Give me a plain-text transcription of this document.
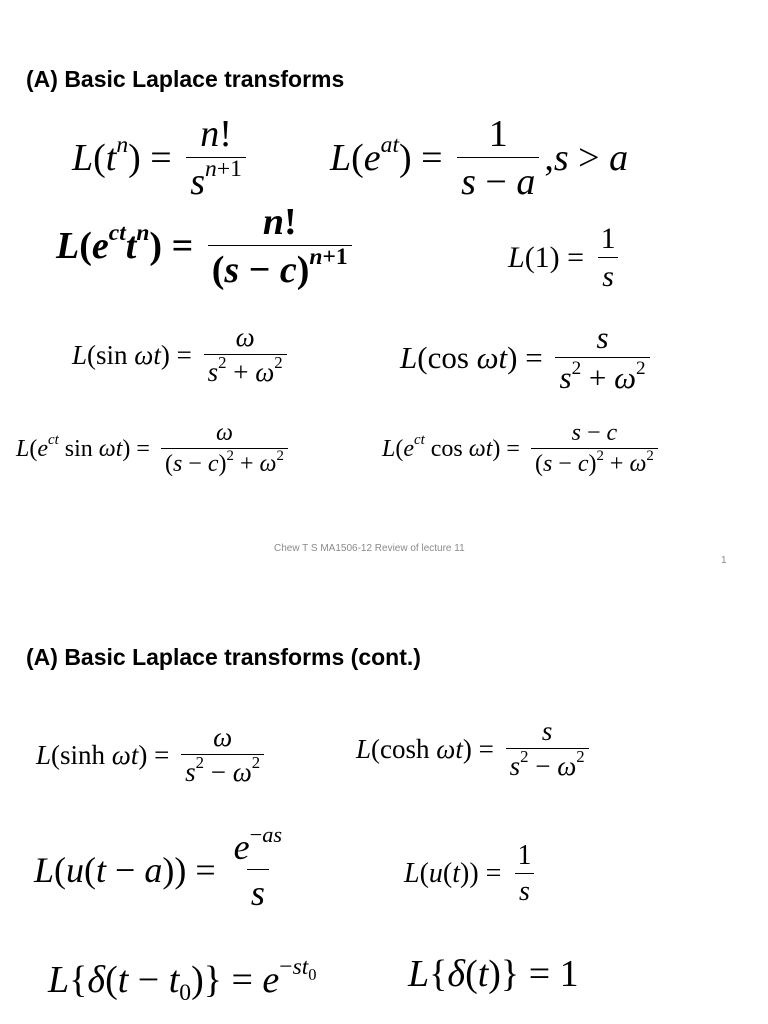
(A) Basic Laplace transforms
L ( $t^n$ ) = $\frac{n!}{s^{n+1}}$ L ( $e^{at}$ ) = $\frac{1}{s - a}$ , s > a
L ( $e^{ct}t^n$ ) = $\frac{n!}{(s - c)^{n+1}}$	L $(1) = \frac{1}{s}$
L (sin ωt ) = $\frac{\omega}{s^2 + \omega^2}$	L (cos ωt ) = $\frac{s}{s^2 + \omega^2}$
L ( $e^{ct}$ sin ωt ) = $\frac{\omega}{(s - c)^2 + \omega^2}$	L ( $e^{ct}$ cos ωt ) = $\frac{s - c}{(s - c)^2 + \omega^2}$
Chew T S MA1506-12 Review of lecture 11
1
(A) Basic Laplace transforms (cont.)
L (sinh ωt ) = $\frac{\omega}{s^2 - \omega^2}$	L (cosh ωt ) = $\frac{s}{s^2 - \omega^2}$
L ( u ( t − a )) = $\frac{e^{-as}}{s}$	L ( u ( t )) = $\frac{1}{s}$
L { δ ( $t - t_0$ )} = $e^{-st_0}$ L { δ ( t )} = 1
